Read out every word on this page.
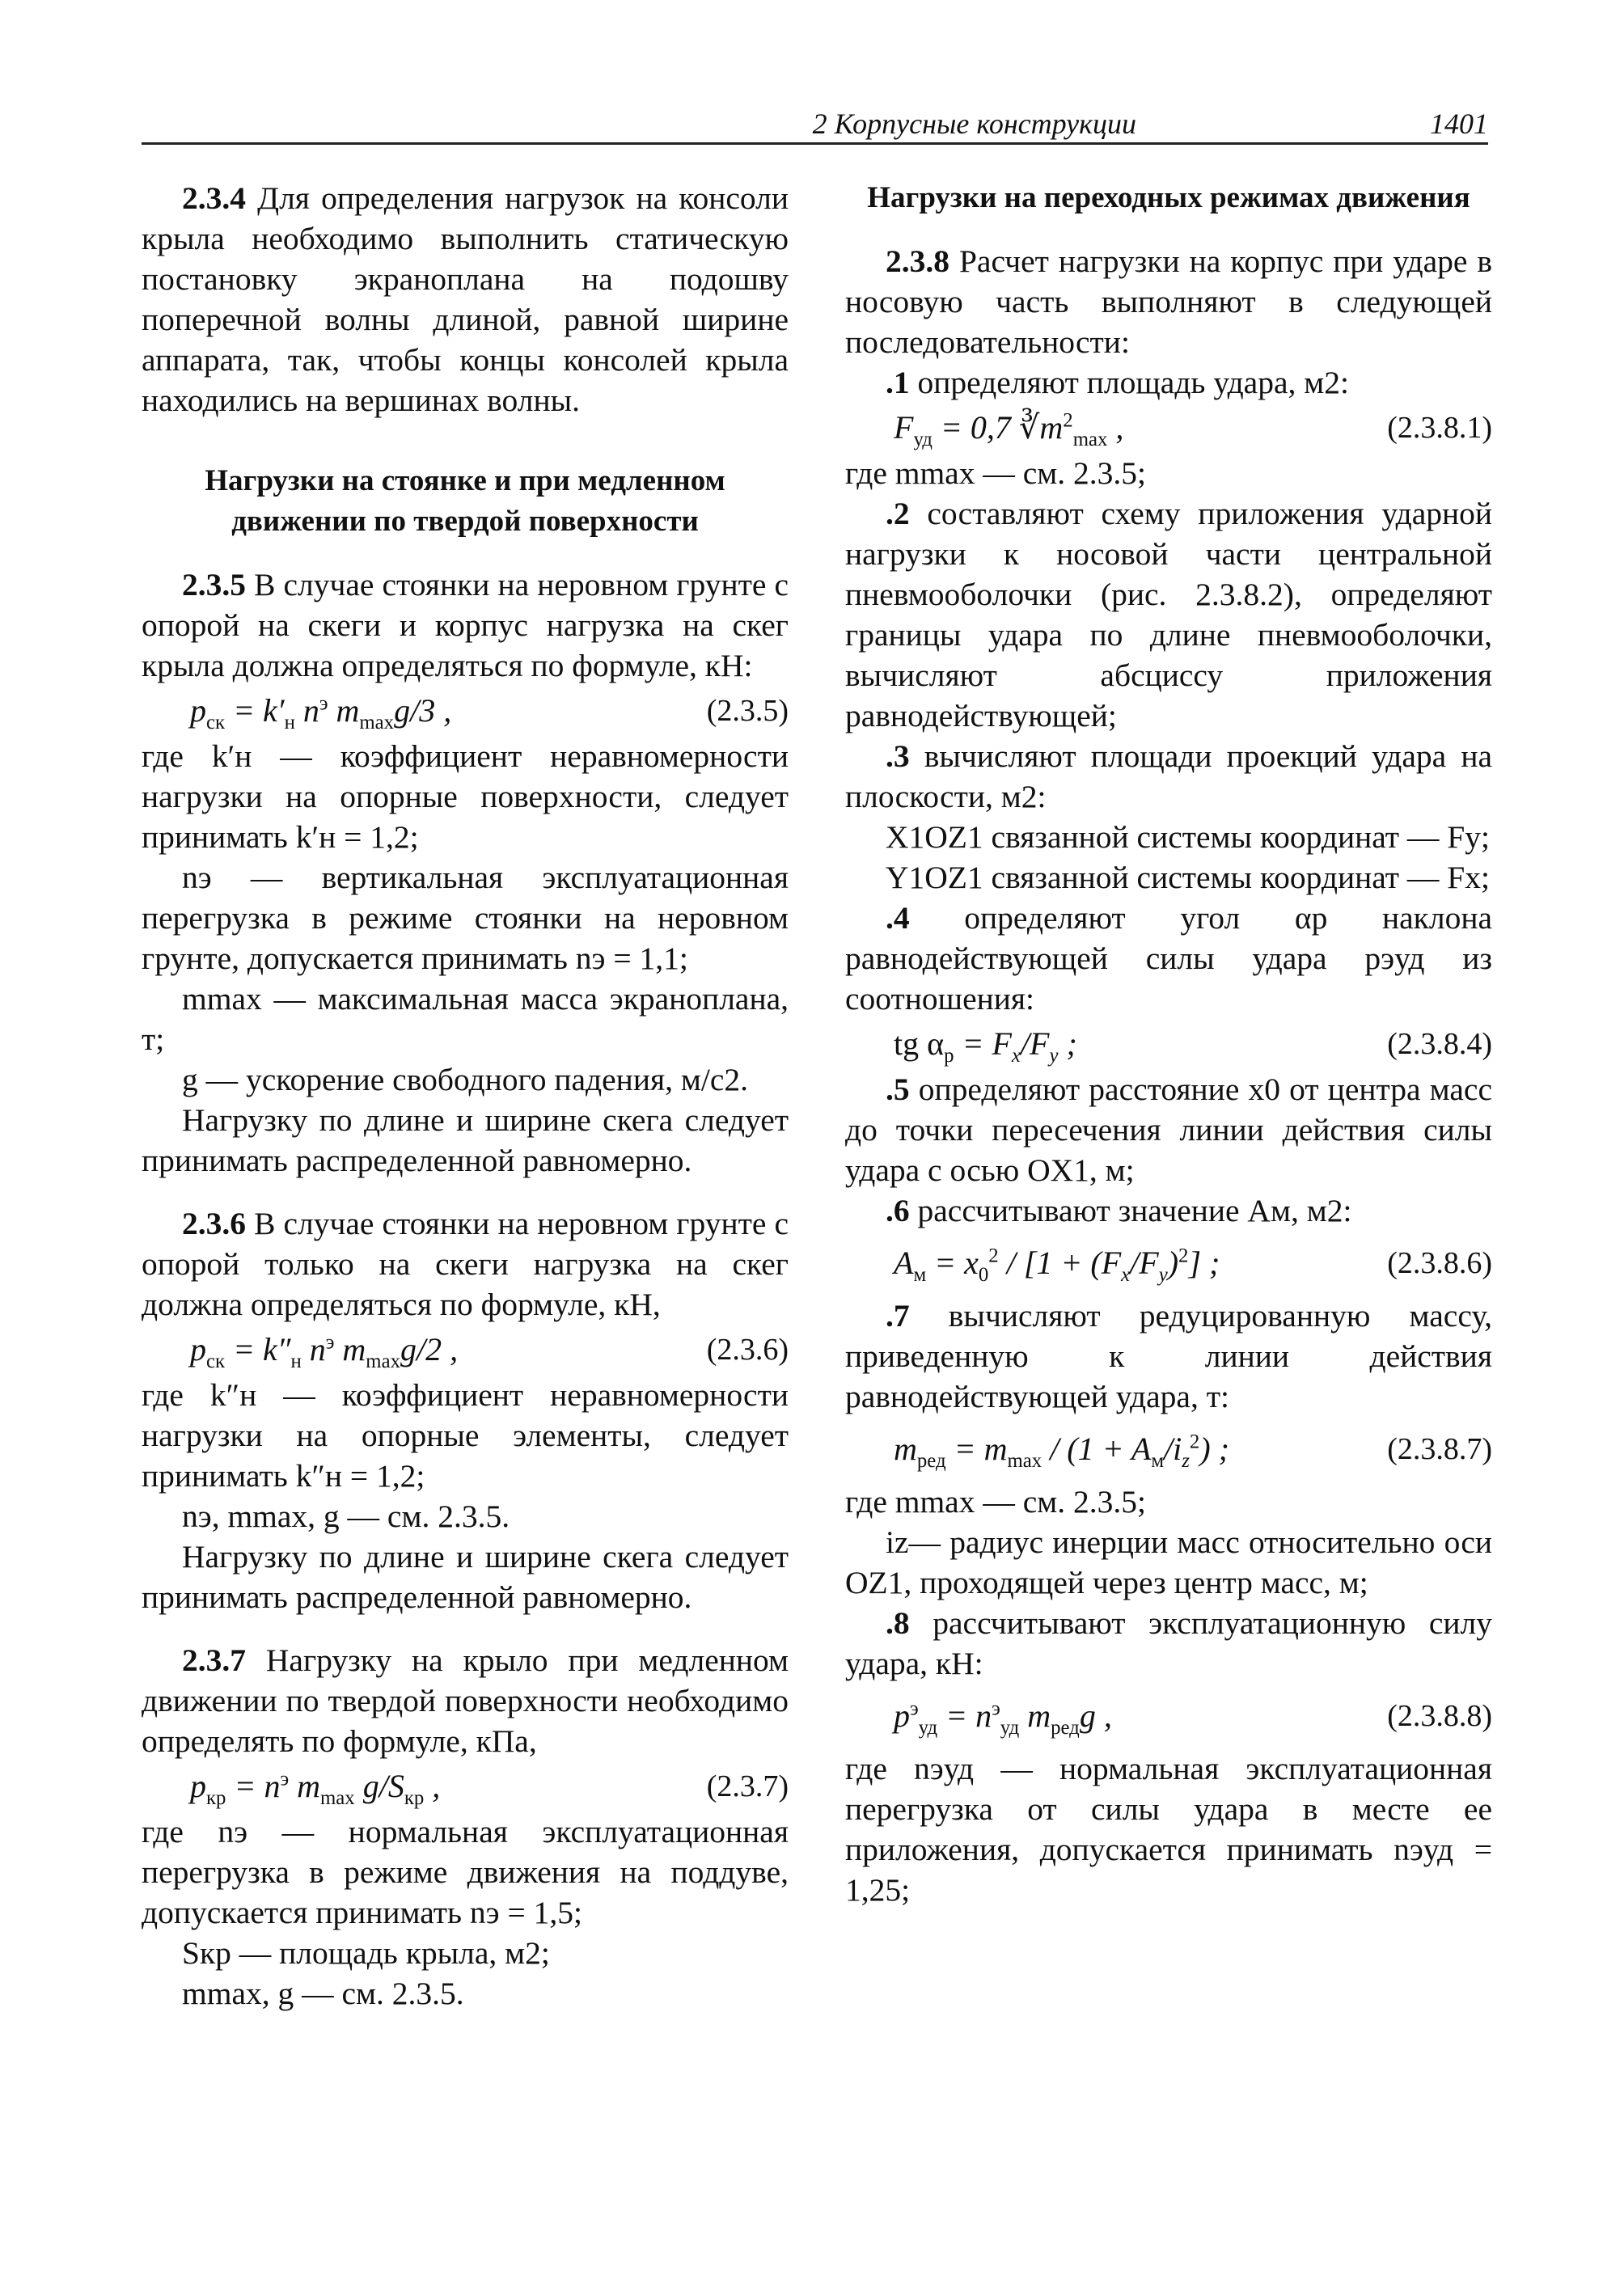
2 Корпусные конструкции	1401

2.3.4 Для определения нагрузок на консоли крыла необходимо выполнить статическую постановку экраноплана на подошву поперечной волны длиной, равной ширине аппарата, так, чтобы концы консолей крыла находились на вершинах волны.

Нагрузки на стоянке и при медленном движении по твердой поверхности

2.3.5 В случае стоянки на неровном грунте с опорой на скеги и корпус нагрузка на скег крыла должна определяться по формуле, кН:

$p_{ск} = k'_н$ $n^э$ $m_{max}g/3$ ,	(2.3.5)

где k′н — коэффициент неравномерности нагрузки на опорные поверхности, следует принимать k′н = 1,2;

nэ — вертикальная эксплуатационная перегрузка в режиме стоянки на неровном грунте, допускается принимать nэ = 1,1;

mmax — максимальная масса экраноплана, т;

g — ускорение свободного падения, м/с2.

Нагрузку по длине и ширине скега следует принимать распределенной равномерно.

2.3.6 В случае стоянки на неровном грунте с опорой только на скеги нагрузка на скег должна определяться по формуле, кН,

$p_{ск} = k''_н$ $n^э$ $m_{max}g/2$ ,	(2.3.6)

где k″н — коэффициент неравномерности нагрузки на опорные элементы, следует принимать k″н = 1,2;

nэ, mmax, g — см. 2.3.5.

Нагрузку по длине и ширине скега следует принимать распределенной равномерно.

2.3.7 Нагрузку на крыло при медленном движении по твердой поверхности необходимо определять по формуле, кПа,

$p_{кр} = n^э$ $m_{max}$ $g/S_{кр}$ ,	(2.3.7)

где nэ — нормальная эксплуатационная перегрузка в режиме движения на поддуве, допускается принимать nэ = 1,5;

Sкр — площадь крыла, м2;

mmax, g — см. 2.3.5.

Нагрузки на переходных режимах движения

2.3.8 Расчет нагрузки на корпус при ударе в носовую часть выполняют в следующей последовательности:

.1 определяют площадь удара, м2:

$F_{уд} = 0,7$ $∛m^2_{max}$ ,	(2.3.8.1)

где mmax — см. 2.3.5;

.2 составляют схему приложения ударной нагрузки к носовой части центральной пневмооболочки (рис. 2.3.8.2), определяют границы удара по длине пневмооболочки, вычисляют абсциссу приложения равнодействующей;

.3 вычисляют площади проекций удара на плоскости, м2:

X1OZ1 связанной системы координат — Fy;

Y1OZ1 связанной системы координат — Fx;

.4 определяют угол αр наклона равнодействующей силы удара pэуд из соотношения:

tg $\alpha_р = F_x/F_y$ ;	(2.3.8.4)

.5 определяют расстояние x0 от центра масс до точки пересечения линии действия силы удара с осью OX1, м;

.6 рассчитывают значение Aм, м2:

$A_м = x_0^2 / [1 + (F_x/F_y)^2]$ ;	(2.3.8.6)

.7 вычисляют редуцированную массу, приведенную к линии действия равнодействующей удара, т:

$m_{ред} = m_{max} / (1 + A_м/i_z^2)$ ;	(2.3.8.7)

где mmax — см. 2.3.5;

iz— радиус инерции масс относительно оси OZ1, проходящей через центр масс, м;

.8 рассчитывают эксплуатационную силу удара, кН:

$p^э_{уд} = n^э_{уд}$ $m_{ред}g$ ,	(2.3.8.8)

где nэуд — нормальная эксплуатационная перегрузка от силы удара в месте ее приложения, допускается принимать nэуд = 1,25;
